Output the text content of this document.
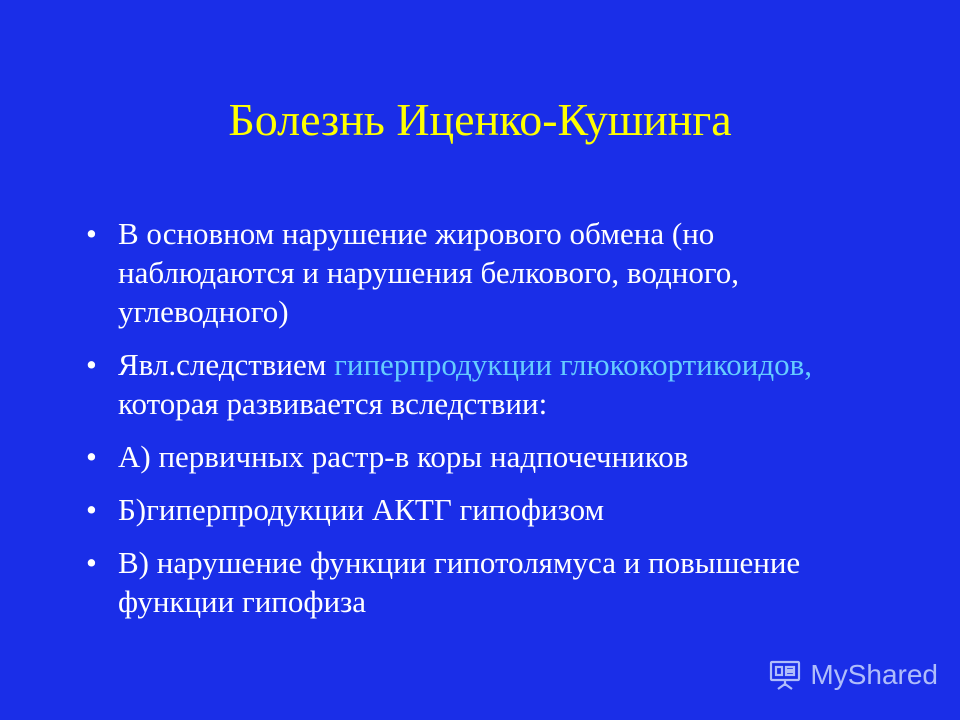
Болезнь Иценко-Кушинга
• В основном нарушение жирового обмена (но наблюдаются и нарушения белкового, водного, углеводного)
• Явл.следствием гиперпродукции глюкокортикоидов, которая развивается вследствии:
• А) первичных растр-в коры надпочечников
• Б)гиперпродукции АКТГ гипофизом
• В) нарушение функции гипотолямуса и повышение функции гипофиза
MyShared
